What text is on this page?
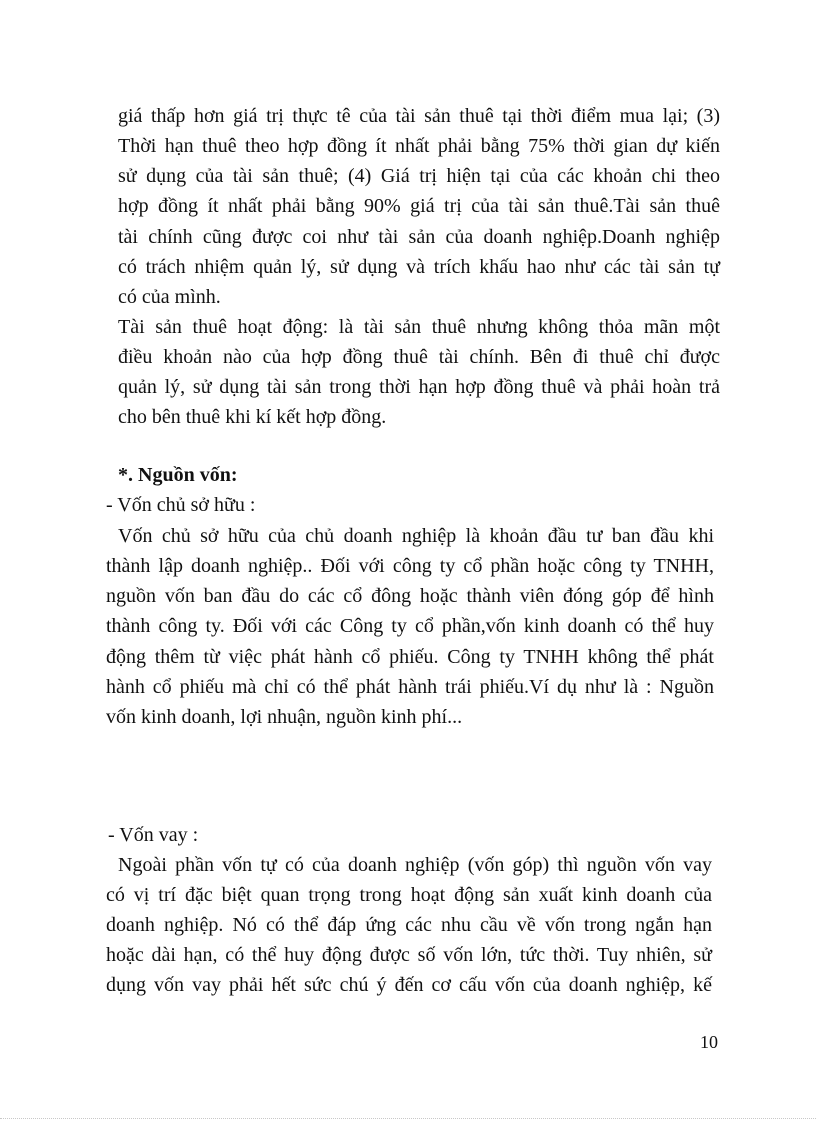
giá thấp hơn giá trị thực tê của tài sản thuê tại thời điểm mua lại; (3)
Thời hạn thuê theo hợp đồng ít nhất phải bằng 75% thời gian dự kiến
sử dụng của tài sản thuê; (4) Giá trị hiện tại của các khoản chi theo
hợp đồng ít nhất phải bằng 90% giá trị của tài sản thuê.Tài sản thuê
tài chính cũng được coi như tài sản của doanh nghiệp.Doanh nghiệp
có trách nhiệm quản lý, sử dụng và trích khấu hao như các tài sản tự
có của mình.
Tài sản thuê hoạt động: là tài sản thuê nhưng không thỏa mãn một
điều khoản nào của hợp đồng thuê tài chính. Bên đi thuê chỉ được
quản lý, sử dụng tài sản trong thời hạn hợp đồng thuê và phải hoàn trả
cho bên thuê khi kí kết hợp đồng.
*. Nguồn vốn:
- Vốn chủ sở hữu :
Vốn chủ sở hữu của chủ doanh nghiệp là khoản đầu tư ban đầu khi
thành lập doanh nghiệp.. Đối với công ty cổ phần hoặc công ty TNHH,
nguồn vốn ban đầu do các cổ đông hoặc thành viên đóng góp để hình
thành công ty. Đối với các Công ty cổ phần,vốn kinh doanh có thể huy
động thêm từ việc phát hành cổ phiếu. Công ty TNHH không thể phát
hành cổ phiếu mà chỉ có thể phát hành trái phiếu.Ví dụ như là : Nguồn
vốn kinh doanh, lợi nhuận, nguồn kinh phí...
- Vốn vay :
Ngoài phần vốn tự có của doanh nghiệp (vốn góp) thì nguồn vốn vay
có vị trí đặc biệt quan trọng trong hoạt động sản xuất kinh doanh của
doanh nghiệp. Nó có thể đáp ứng các nhu cầu về vốn trong ngắn hạn
hoặc dài hạn, có thể huy động được số vốn lớn, tức thời. Tuy nhiên, sử
dụng vốn vay phải hết sức chú ý đến cơ cấu vốn của doanh nghiệp, kế
10
